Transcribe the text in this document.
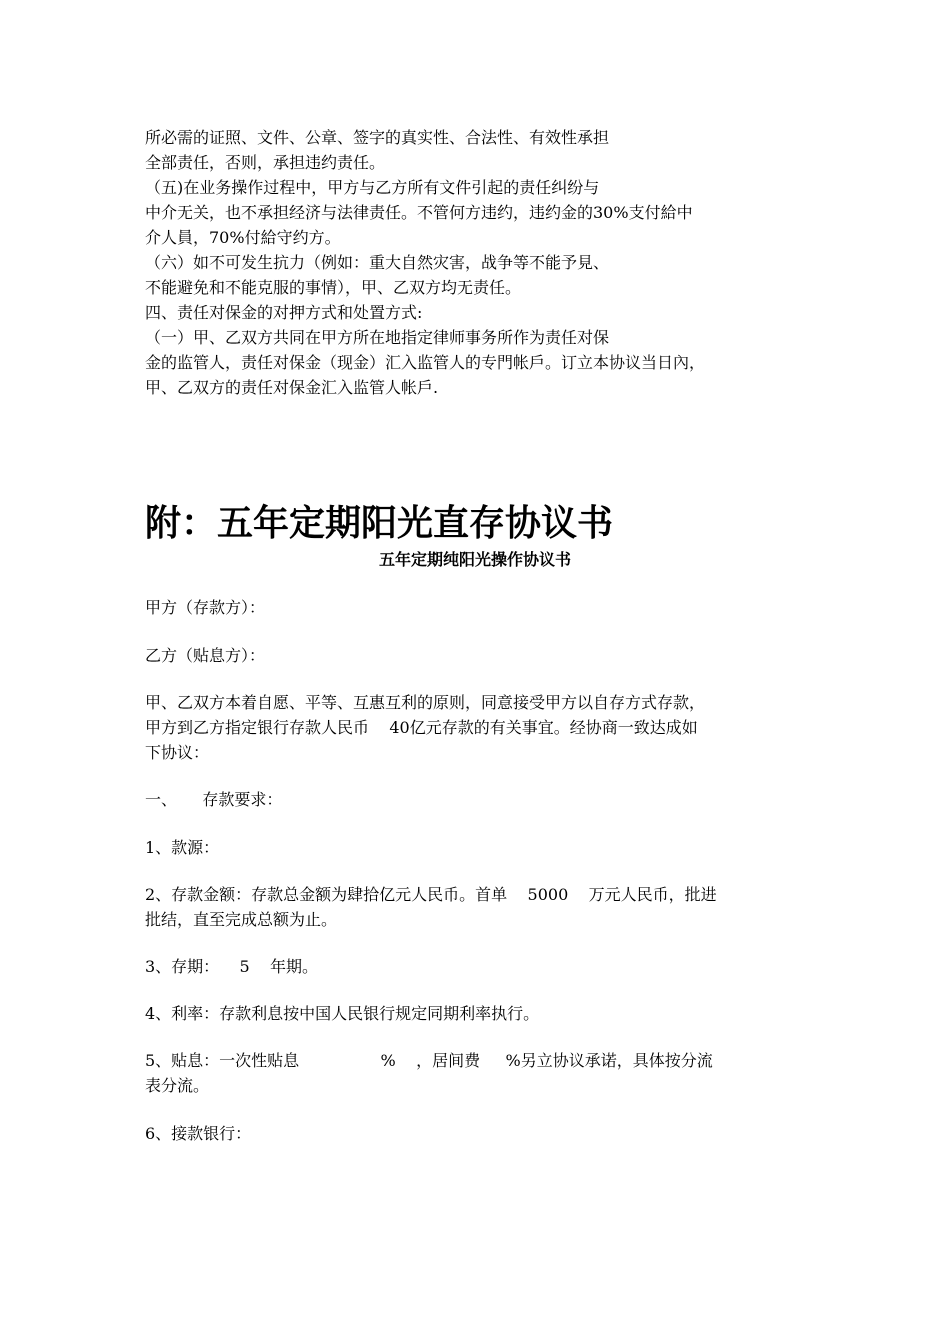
所必需的证照、文件、公章、签字的真实性、合法性、有效性承担
全部责任，否则，承担违约责任。
（五)在业务操作过程中，甲方与乙方所有文件引起的责任纠纷与
中介无关，也不承担经济与法律责任。不管何方违约，违约金的30%支付給中
介人員，70%付給守约方。
（六）如不可发生抗力（例如：重大自然灾害，战争等不能予見、
不能避免和不能克服的事情），甲、乙双方均无责任。
四、责任对保金的对押方式和处置方式:
（一）甲、乙双方共同在甲方所在地指定律师事务所作为责任对保
金的监管人，责任对保金（现金）汇入监管人的专門帐戶。订立本协议当日內，
甲、乙双方的责任对保金汇入监管人帐戶.
附：五年定期阳光直存协议书
五年定期纯阳光操作协议书
甲方（存款方）：
乙方（贴息方）：
甲、乙双方本着自愿、平等、互惠互利的原则，同意接受甲方以自存方式存款，
甲方到乙方指定银行存款人民币    40亿元存款的有关事宜。经协商一致达成如
下协议：
一、     存款要求：
1、款源：
2、存款金额：存款总金额为肆拾亿元人民币。首单    5000    万元人民币，批进
批结，直至完成总额为止。
3、存期：    5    年期。
4、利率：存款利息按中国人民银行规定同期利率执行。
5、贴息：一次性贴息                %    ，居间费     %另立协议承诺，具体按分流
表分流。
6、接款银行：
